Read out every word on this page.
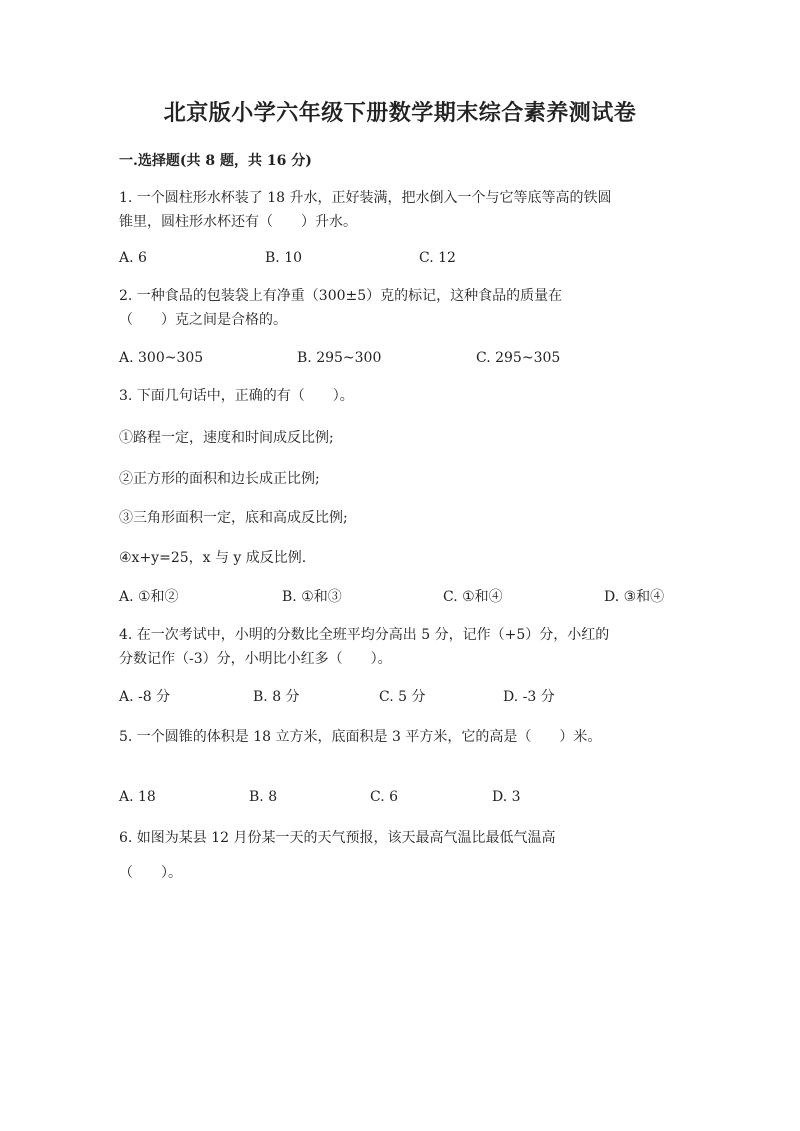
北京版小学六年级下册数学期末综合素养测试卷
一.选择题(共 8 题，共 16 分)
1. 一个圆柱形水杯装了 18 升水，正好装满，把水倒入一个与它等底等高的铁圆
锥里，圆柱形水杯还有（　　）升水。
A. 6	B. 10	C. 12
2. 一种食品的包装袋上有净重（300±5）克的标记，这种食品的质量在
（　　）克之间是合格的。
A. 300~305	B. 295~300	C. 295~305
3. 下面几句话中，正确的有（　　）。
①路程一定，速度和时间成反比例;
②正方形的面积和边长成正比例;
③三角形面积一定，底和高成反比例;
④x+y=25，x 与 y 成反比例.
A. ①和②	B. ①和③	C. ①和④	D. ③和④
4. 在一次考试中，小明的分数比全班平均分高出 5 分，记作（+5）分，小红的
分数记作（-3）分，小明比小红多（　　）。
A. -8 分	B. 8 分	C. 5 分	D. -3 分
5. 一个圆锥的体积是 18 立方米，底面积是 3 平方米，它的高是（　　）米。
A. 18	B. 8	C. 6	D. 3
6. 如图为某县 12 月份某一天的天气预报，该天最高气温比最低气温高
（　　）。
